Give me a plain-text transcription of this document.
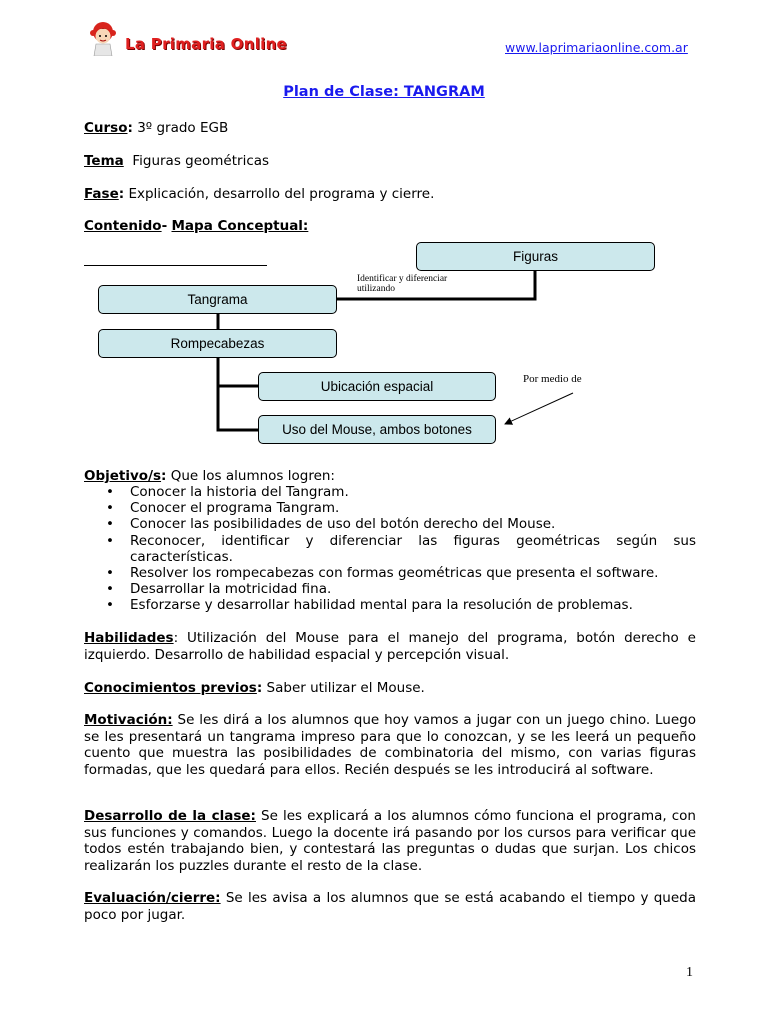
La Primaria Online	www.laprimariaonline.com.ar
Plan de Clase: TANGRAM
Curso: 3º grado EGB
Tema Figuras geométricas
Fase: Explicación, desarrollo del programa y cierre.
Contenido- Mapa Conceptual:
Figuras
Tangrama
Rompecabezas
Ubicación espacial
Uso del Mouse, ambos botones
Identificar y diferenciar
utilizando
Por medio de
Objetivo/s: Que los alumnos logren:
• Conocer la historia del Tangram.
• Conocer el programa Tangram.
• Conocer las posibilidades de uso del botón derecho del Mouse.
• Reconocer, identificar y diferenciar las figuras geométricas según sus características.
• Resolver los rompecabezas con formas geométricas que presenta el software.
• Desarrollar la motricidad fina.
• Esforzarse y desarrollar habilidad mental para la resolución de problemas.
Habilidades: Utilización del Mouse para el manejo del programa, botón derecho e izquierdo. Desarrollo de habilidad espacial y percepción visual.
Conocimientos previos: Saber utilizar el Mouse.
Motivación: Se les dirá a los alumnos que hoy vamos a jugar con un juego chino. Luego se les presentará un tangrama impreso para que lo conozcan, y se les leerá un pequeño cuento que muestra las posibilidades de combinatoria del mismo, con varias figuras formadas, que les quedará para ellos. Recién después se les introducirá al software.
Desarrollo de la clase: Se les explicará a los alumnos cómo funciona el programa, con sus funciones y comandos. Luego la docente irá pasando por los cursos para verificar que todos estén trabajando bien, y contestará las preguntas o dudas que surjan. Los chicos realizarán los puzzles durante el resto de la clase.
Evaluación/cierre: Se les avisa a los alumnos que se está acabando el tiempo y queda poco por jugar.
1
